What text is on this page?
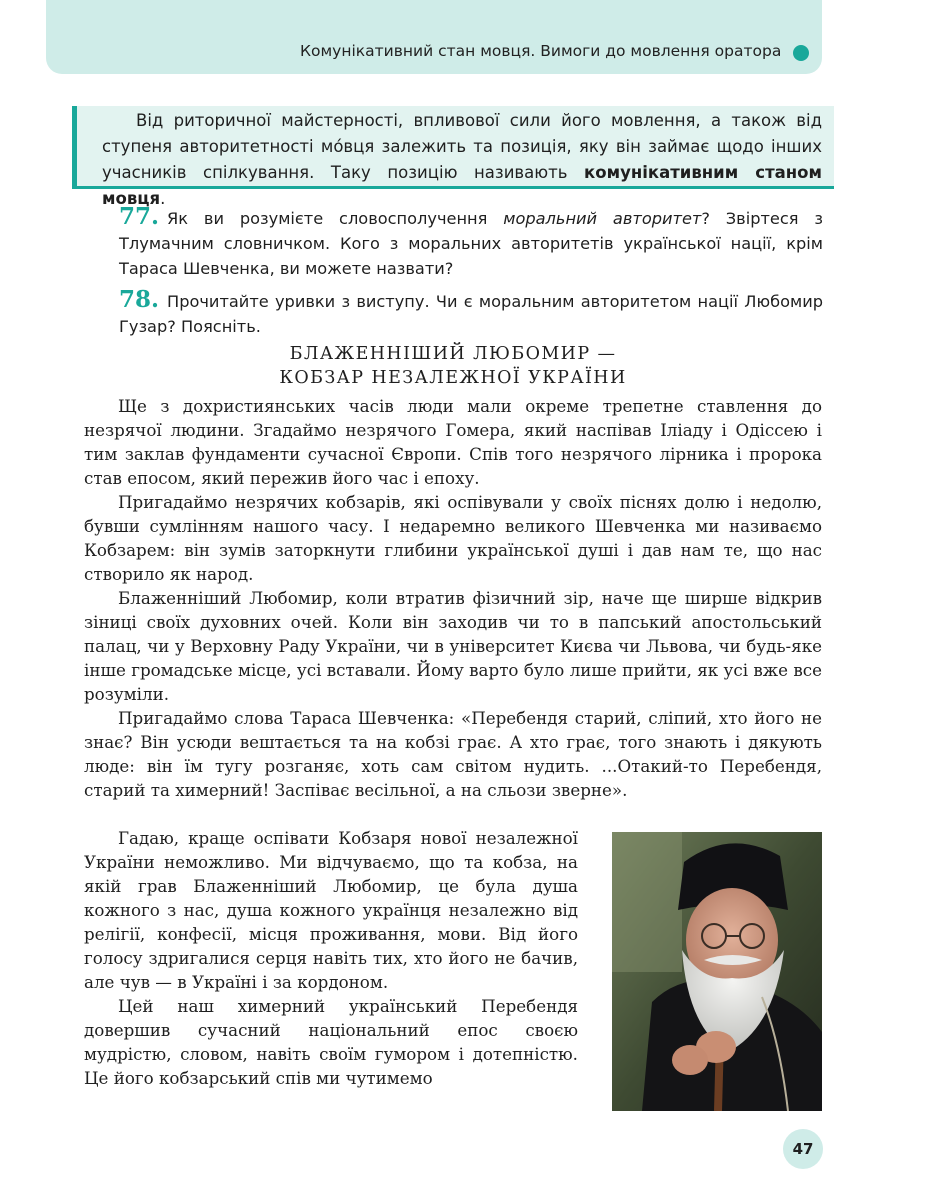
Комунікативний стан мовця. Вимоги до мовлення оратора
Від риторичної майстерності, впливової сили його мовлення, а також від ступеня авторитетності мо́вця залежить та позиція, яку він займає щодо інших учасників спілкування. Таку позицію називають комунікативним станом мовця.
77. Як ви розумієте словосполучення моральний авторитет? Звіртеся з Тлумачним словничком. Кого з моральних авторитетів української нації, крім Тараса Шевченка, ви можете назвати?
78. Прочитайте уривки з виступу. Чи є моральним авторитетом нації Любомир Гузар? Поясніть.
БЛАЖЕННІШИЙ ЛЮБОМИР —
КОБЗАР НЕЗАЛЕЖНОЇ УКРАЇНИ

Ще з дохристиянських часів люди мали окреме трепетне ставлення до незрячої людини. Згадаймо незрячого Гомера, який наспівав Іліаду і Одіссею і тим заклав фундаменти сучасної Європи. Спів того незрячого лірника і пророка став епосом, який пережив його час і епоху.

Пригадаймо незрячих кобзарів, які оспівували у своїх піснях долю і недолю, бувши сумлінням нашого часу. І недаремно великого Шевченка ми називаємо Кобзарем: він зумів заторкнути глибини української душі і дав нам те, що нас створило як народ.

Блаженніший Любомир, коли втратив фізичний зір, наче ще ширше відкрив зіниці своїх духовних очей. Коли він заходив чи то в папський апостольський палац, чи у Верховну Раду України, чи в університет Києва чи Львова, чи будь-яке інше громадське місце, усі вставали. Йому варто було лише прийти, як усі вже все розуміли.

Пригадаймо слова Тараса Шевченка: «Перебендя старий, сліпий, хто його не знає? Він усюди вештається та на кобзі грає. А хто грає, того знають і дякують люде: він їм тугу розганяє, хоть сам світом нудить. ...Отакий-то Перебендя, старий та химерний! Заспіває весільної, а на сльози зверне».

Гадаю, краще оспівати Кобзаря нової незалежної України неможливо. Ми відчуваємо, що та кобза, на якій грав Блаженніший Любомир, це була душа кожного з нас, душа кожного українця незалежно від релігії, конфесії, місця проживання, мови. Від його голосу здригалися серця навіть тих, хто його не бачив, але чув — в Україні і за кордоном.

Цей наш химерний український Перебендя довершив сучасний національний епос своєю мудрістю, словом, навіть своїм гумором і дотепністю. Це його кобзарський спів ми чутимемо

47
